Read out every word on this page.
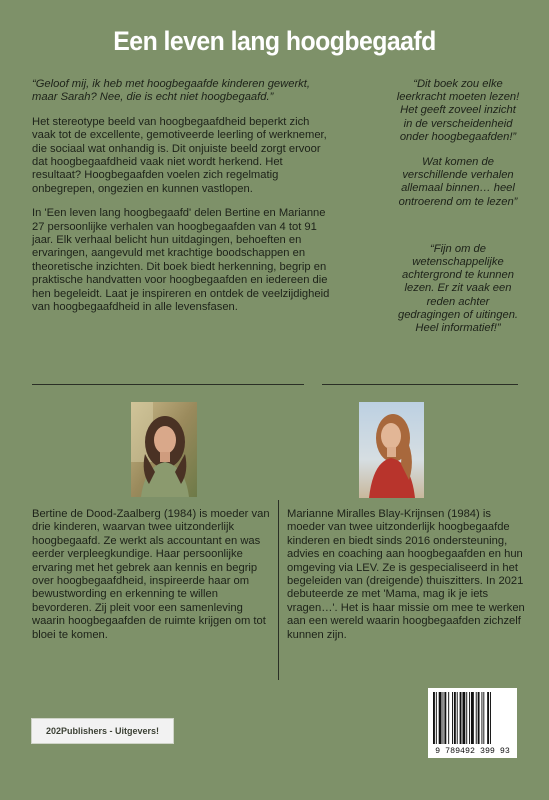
Een leven lang hoogbegaafd

“Geloof mij, ik heb met hoogbegaafde kinderen gewerkt, maar Sarah? Nee, die is echt niet hoogbegaafd.”

Het stereotype beeld van hoogbegaafdheid beperkt zich vaak tot de excellente, gemotiveerde leerling of werknemer, die sociaal wat onhandig is. Dit onjuiste beeld zorgt ervoor dat hoogbegaafdheid vaak niet wordt herkend. Het resultaat? Hoogbegaafden voelen zich regelmatig onbegrepen, ongezien en kunnen vastlopen.

In 'Een leven lang hoogbegaafd' delen Bertine en Marianne 27 persoonlijke verhalen van hoogbegaafden van 4 tot 91 jaar. Elk verhaal belicht hun uitdagingen, behoeften en ervaringen, aangevuld met krachtige boodschappen en theoretische inzichten. Dit boek biedt herkenning, begrip en praktische handvatten voor hoogbegaafden en iedereen die hen begeleidt. Laat je inspireren en ontdek de veelzijdigheid van hoogbegaafdheid in alle levensfasen.

“Dit boek zou elke leerkracht moeten lezen! Het geeft zoveel inzicht in de verscheidenheid onder hoogbegaafden!”

Wat komen de verschillende verhalen allemaal binnen… heel ontroerend om te lezen”

“Fijn om de wetenschappelijke achtergrond te kunnen lezen. Er zit vaak een reden achter gedragingen of uitingen. Heel informatief!”

Bertine de Dood-Zaalberg (1984) is moeder van drie kinderen, waarvan twee uitzonderlijk hoogbegaafd. Ze werkt als accountant en was eerder verpleegkundige. Haar persoonlijke ervaring met het gebrek aan kennis en begrip over hoogbegaafdheid, inspireerde haar om bewustwording en erkenning te willen bevorderen. Zij pleit voor een samenleving waarin hoogbegaafden de ruimte krijgen om tot bloei te komen.
Marianne Miralles Blay-Krijnsen (1984) is moeder van twee uitzonderlijk hoogbegaafde kinderen en biedt sinds 2016 ondersteuning, advies en coaching aan hoogbegaafden en hun omgeving via LEV. Ze is gespecialiseerd in het begeleiden van (dreigende) thuiszitters. In 2021 debuteerde ze met 'Mama, mag ik je iets vragen…'. Het is haar missie om mee te werken aan een wereld waarin hoogbegaafden zichzelf kunnen zijn.
202Publishers - Uitgevers!
9 789492 399 93
